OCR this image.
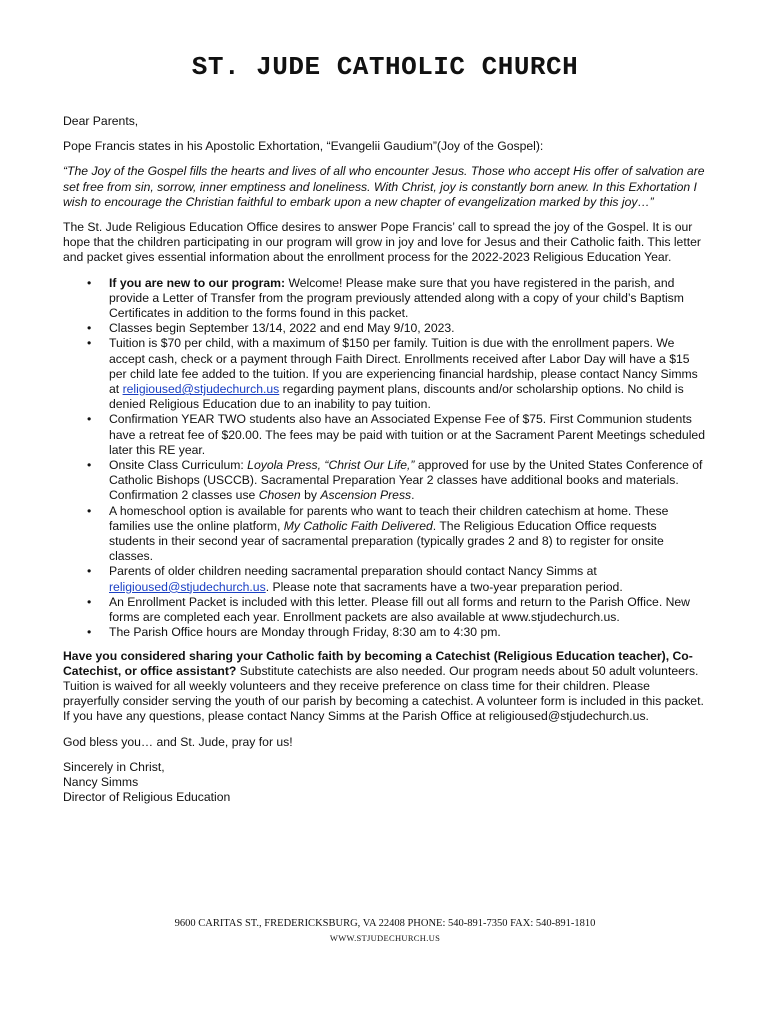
ST. JUDE CATHOLIC CHURCH

Dear Parents,

Pope Francis states in his Apostolic Exhortation, “Evangelii Gaudium”(Joy of the Gospel):

“The Joy of the Gospel fills the hearts and lives of all who encounter Jesus. Those who accept His offer of salvation are set free from sin, sorrow, inner emptiness and loneliness. With Christ, joy is constantly born anew. In this Exhortation I wish to encourage the Christian faithful to embark upon a new chapter of evangelization marked by this joy…”

The St. Jude Religious Education Office desires to answer Pope Francis’ call to spread the joy of the Gospel. It is our hope that the children participating in our program will grow in joy and love for Jesus and their Catholic faith. This letter and packet gives essential information about the enrollment process for the 2022-2023 Religious Education Year.

• If you are new to our program: Welcome! Please make sure that you have registered in the parish, and provide a Letter of Transfer from the program previously attended along with a copy of your child’s Baptism Certificates in addition to the forms found in this packet.
• Classes begin September 13/14, 2022 and end May 9/10, 2023.
• Tuition is $70 per child, with a maximum of $150 per family. Tuition is due with the enrollment papers. We accept cash, check or a payment through Faith Direct. Enrollments received after Labor Day will have a $15 per child late fee added to the tuition. If you are experiencing financial hardship, please contact Nancy Simms at religioused@stjudechurch.us regarding payment plans, discounts and/or scholarship options. No child is denied Religious Education due to an inability to pay tuition.
• Confirmation YEAR TWO students also have an Associated Expense Fee of $75. First Communion students have a retreat fee of $20.00. The fees may be paid with tuition or at the Sacrament Parent Meetings scheduled later this RE year.
• Onsite Class Curriculum: Loyola Press, “Christ Our Life,” approved for use by the United States Conference of Catholic Bishops (USCCB). Sacramental Preparation Year 2 classes have additional books and materials. Confirmation 2 classes use Chosen by Ascension Press.
• A homeschool option is available for parents who want to teach their children catechism at home. These families use the online platform, My Catholic Faith Delivered. The Religious Education Office requests students in their second year of sacramental preparation (typically grades 2 and 8) to register for onsite classes.
• Parents of older children needing sacramental preparation should contact Nancy Simms at religioused@stjudechurch.us. Please note that sacraments have a two-year preparation period.
• An Enrollment Packet is included with this letter. Please fill out all forms and return to the Parish Office. New forms are completed each year. Enrollment packets are also available at www.stjudechurch.us.
• The Parish Office hours are Monday through Friday, 8:30 am to 4:30 pm.

Have you considered sharing your Catholic faith by becoming a Catechist (Religious Education teacher), Co-Catechist, or office assistant? Substitute catechists are also needed. Our program needs about 50 adult volunteers. Tuition is waived for all weekly volunteers and they receive preference on class time for their children. Please prayerfully consider serving the youth of our parish by becoming a catechist. A volunteer form is included in this packet. If you have any questions, please contact Nancy Simms at the Parish Office at religioused@stjudechurch.us.

God bless you… and St. Jude, pray for us!

Sincerely in Christ,

Nancy Simms

Director of Religious Education

9600 CARITAS ST., FREDERICKSBURG, VA 22408 PHONE: 540-891-7350 FAX: 540-891-1810
WWW.STJUDECHURCH.US
